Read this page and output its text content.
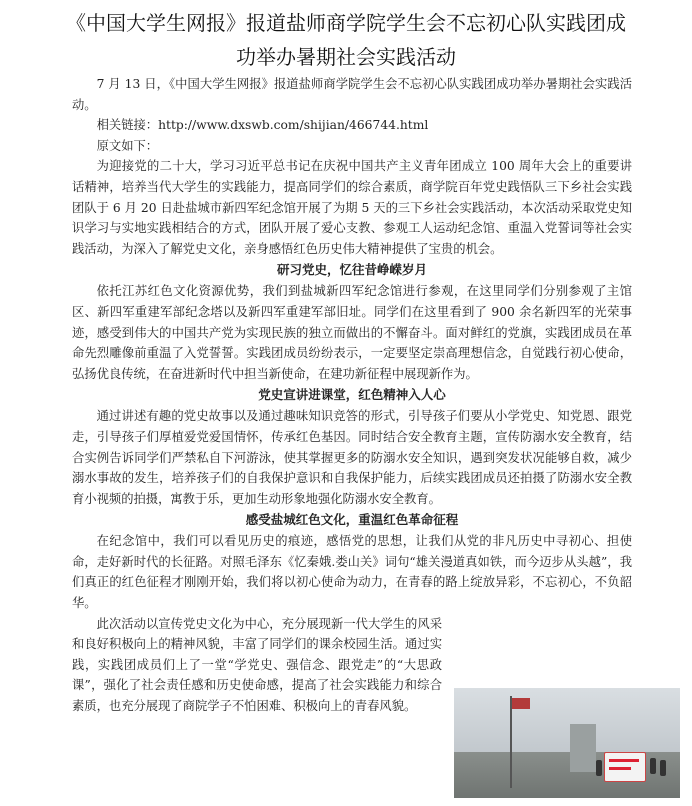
《中国大学生网报》报道盐师商学院学生会不忘初心队实践团成
功举办暑期社会实践活动

7 月 13 日，《中国大学生网报》报道盐师商学院学生会不忘初心队实践团成功举办暑期社会实践活动。

相关链接：http://www.dxswb.com/shijian/466744.html

原文如下：

为迎接党的二十大，学习习近平总书记在庆祝中国共产主义青年团成立 100 周年大会上的重要讲话精神，培养当代大学生的实践能力，提高同学们的综合素质，商学院百年党史践悟队三下乡社会实践团队于 6 月 20 日赴盐城市新四军纪念馆开展了为期 5 天的三下乡社会实践活动，本次活动采取党史知识学习与实地实践相结合的方式，团队开展了爱心支教、参观工人运动纪念馆、重温入党誓词等社会实践活动，为深入了解党史文化，亲身感悟红色历史伟大精神提供了宝贵的机会。

研习党史，忆往昔峥嵘岁月

依托江苏红色文化资源优势，我们到盐城新四军纪念馆进行参观，在这里同学们分别参观了主馆区、新四军重建军部纪念塔以及新四军重建军部旧址。同学们在这里看到了 900 余名新四军的光荣事迹，感受到伟大的中国共产党为实现民族的独立而做出的不懈奋斗。面对鲜红的党旗，实践团成员在革命先烈雕像前重温了入党誓誓。实践团成员纷纷表示，一定要坚定崇高理想信念，自觉践行初心使命，弘扬优良传统，在奋进新时代中担当新使命，在建功新征程中展现新作为。

党史宣讲进课堂，红色精神入人心

通过讲述有趣的党史故事以及通过趣味知识竞答的形式，引导孩子们要从小学党史、知党恩、跟党走，引导孩子们厚植爱党爱国情怀，传承红色基因。同时结合安全教育主题，宣传防溺水安全教育，结合实例告诉同学们严禁私自下河游泳，使其掌握更多的防溺水安全知识，遇到突发状况能够自救，减少溺水事故的发生，培养孩子们的自我保护意识和自我保护能力，后续实践团成员还拍摄了防溺水安全教育小视频的拍摄，寓教于乐，更加生动形象地强化防溺水安全教育。

感受盐城红色文化，重温红色革命征程

在纪念馆中，我们可以看见历史的痕迹，感悟党的思想，让我们从党的非凡历史中寻初心、担使命，走好新时代的长征路。对照毛泽东《忆秦娥.娄山关》词句“雄关漫道真如铁，而今迈步从头越”，我们真正的红色征程才刚刚开始，我们将以初心使命为动力，在青春的路上绽放异彩，不忘初心，不负韶华。

此次活动以宣传党史文化为中心，充分展现新一代大学生的风采和良好积极向上的精神风貌，丰富了同学们的课余校园生活。通过实践，实践团成员们上了一堂“学党史、强信念、跟党走”的“大思政课”，强化了社会责任感和历史使命感，提高了社会实践能力和综合素质，也充分展现了商院学子不怕困难、积极向上的青春风貌。
